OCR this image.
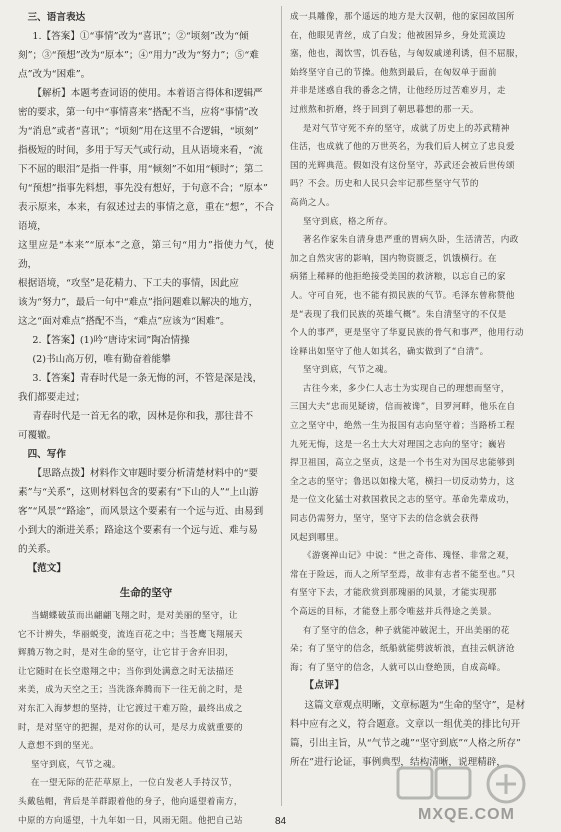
三、语言表达

1.【答案】①“事情”改为“喜讯”；②“顷刻”改为“倾

刻”；③“预想”改为“原本”；④“用力”改为“努力”；⑤“难

点”改为“困难”。

【解析】本题考查词语的使用。本着语言得体和逻辑严

密的要求，第一句中“事情喜来”搭配不当，应将“事情”改

为“消息”或者“喜讯”；“顷刻”用在这里不合逻辑，“顷刻”

指极短的时间，多用于写天气或行动，且从语境来看，“流

下不屈的眼泪”是指一件事，用“倾刻”不如用“顿时”；第二

句“预想”指事先料想，事先没有想好，于句意不合；“原本”

表示原来，本来，有叙述过去的事情之意，重在“想”，不合语境，

这里应是“本来”“原本”之意，第三句“用力”指使力气，使劲，

根据语境，“攻坚”是花精力、下工夫的事情，因此应

该为“努力”，最后一句中“难点”指问题难以解决的地方，

这之“面对难点”搭配不当，“难点”应该为“困难”。

2.【答案】(1)吟“唐诗宋词”陶冶情操

(2)书山高万仞，唯有勤奋着能攀

3.【答案】青春时代是一条无悔的河，不管是深是浅，

我们都要走过；

青春时代是一首无名的歌，因林是你和我，那往昔不

可覆辙。

四、写作

【思路点拨】材料作文审题时要分析清楚材料中的“要

素”与“关系”，这则材料包含的要素有“下山的人”“上山游

客”“风景”“路途”，而风景这个要素有一个远与近、由易到

小到大的渐进关系；路途这个要素有一个远与近、难与易

的关系。

【范文】

生命的坚守

当蝴蝶破茧而出翩翩飞翔之时，是对美丽的坚守，让

它不计辨失，华丽蜕变，流连百花之中；当苍鹰飞翔展天

辉腾万物之时，是对生命的坚守，让它甘于舍弃旧羽，

让它随时在长空遨翔之中；当你到处满意之时无法描还

来美，成为天空之王；当洗涤奔腾而下一往无前之时，是

对东汇入海梦想的坚持，让它渡过干难万险，最终出成之

时，是对坚守的把握，是对你的认可，是尽力成就重要的

人意想不到的坚光。

坚守到底，气节之魂。

在一望无际的茫茫草原上，一位白发老人手持汉节，

头戴毡帽，背后是羊群跟着他的身子，他向遥望着南方，

中原的方向遥望，十九年如一日，风雨无阻。他把自己站

成一具雕像，那个遥远的地方是大汉朝，他的家园故国所

在，他眼见青丝，成了白发；他被困异乡，身处荒漠边

塞，他也，渴饮雪，饥吞毡，与匈奴戚递利诱，但不屈服，

始终坚守自己的节操。他熬到最后，在匈奴单于面前

并非是迷惑自我的番念之情，让他经历过苦难岁月，走

过煎熬和折磨，终于回到了朝思暮想的那一天。

是对气节守死不弃的坚守，成就了历史上的苏武精神

住活，也成就了他的万世英名，为我们后人树立了忠良爱

国的光辉典范。假如没有这份坚守，苏武还会被后世传颂

吗？不会。历史和人民只会牢记那些坚守气节的

高尚之人。

坚守到底，格之所存。

著名作家朱自清身患严重的胃病久卧，生活清苦，内政

加之自然灾害的影响，国内物资匮乏，饥饿横行。在

病猪上稀释的他拒绝接受美国的救济粮，以忘自己的家

人。守可自死，也不能有损民族的气节。毛泽东曾称赞他

是“表现了我们民族的英雄气概”。朱自清坚守的不仅是

个人的事严，更是坚守了华夏民族的骨气和事严，他用行动

诠释出如坚守了他人如其名，确实做到了“自清”。

坚守到底，气节之魂。

古往今来，多少仁人志士为实现自己的理想而坚守，

三国大夫“忠而见疑谤，信而被谗”，目罗河畔，他乐在自

立之坚守中，绝然一生为报国有志向坚守着；当路桥工程

九死无悔，这是一名土大大对理国之志向的坚守；巍岩

捍卫祖国，高立之坚贞，这是一个书生对为国尽忠能够到

全之志的坚守；鲁迅以如椽大笔，横扫一切反动势力，这

是一位文化猛士对救国救民之志的坚守。革命先辈成功，

同志仍需努力，坚守，坚守下去的信念就会获得

风起到哪里。

《游褒禅山记》中说：“世之奇伟、瑰怪、非常之观，

常在于险远，而人之所罕至焉，故非有志者不能至也。”只

有坚守下去，才能欣赏到那瑰丽的风景，才能实现那

个高远的目标，才能登上那令唯兹并兵得途之美景。

有了坚守的信念，种子就能冲破泥土，开出美丽的花

朵；有了坚守的信念，纸船就能劈波斩浪，直挂云帆济沧

海；有了坚守的信念，人就可以山登绝顶，自成高峰。

【点评】

这篇文章观点明晰，文章标题为“生命的坚守”，是材

料中应有之义，符合题意。文章以一组优美的排比句开

篇，引出主旨，从“气节之魂”“坚守到底”“人格之所存”

所在”进行论证，事例典型，结构清晰，说理精辟，

MXQE.COM
84
